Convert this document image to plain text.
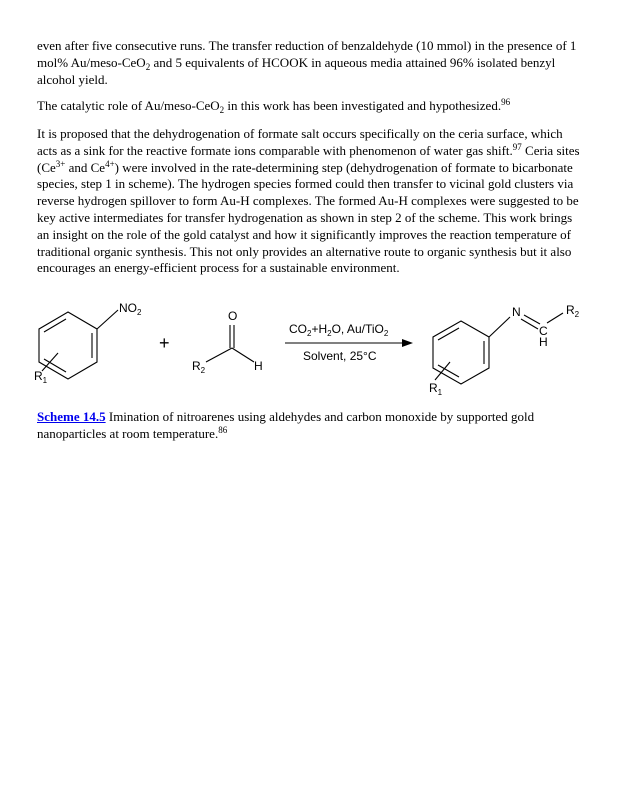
even after five consecutive runs. The transfer reduction of benzaldehyde (10 mmol) in the presence of 1 mol% Au/meso-CeO$_2$ and 5 equivalents of HCOOK in aqueous media attained 96% isolated benzyl alcohol yield.

The catalytic role of Au/meso-CeO$_2$ in this work has been investigated and hypothesized.$^{96}$

It is proposed that the dehydrogenation of formate salt occurs specifically on the ceria surface, which acts as a sink for the reactive formate ions comparable with phenomenon of water gas shift.$^{97}$ Ceria sites ($Ce^{3+}$ and $Ce^{4+}$) were involved in the rate-determining step (dehydrogenation of formate to bicarbonate species, step 1 in scheme). The hydrogen species formed could then transfer to vicinal gold clusters via reverse hydrogen spillover to form Au-H complexes. The formed Au-H complexes were suggested to be key active intermediates for transfer hydrogenation as shown in step 2 of the scheme. This work brings an insight on the role of the gold catalyst and how it significantly improves the reaction temperature of traditional organic synthesis. This not only provides an alternative route to organic synthesis but it also encourages an energy-efficient process for a sustainable environment.

$NO_2$
$R_1$
+
O
$R_2$	H
$CO_2+H_2O$, Au/TiO$_2$
Solvent, 25°C
N
C
H
$R_2$
$R_1$

Scheme 14.5 Imination of nitroarenes using aldehydes and carbon monoxide by supported gold nanoparticles at room temperature.$^{86}$
